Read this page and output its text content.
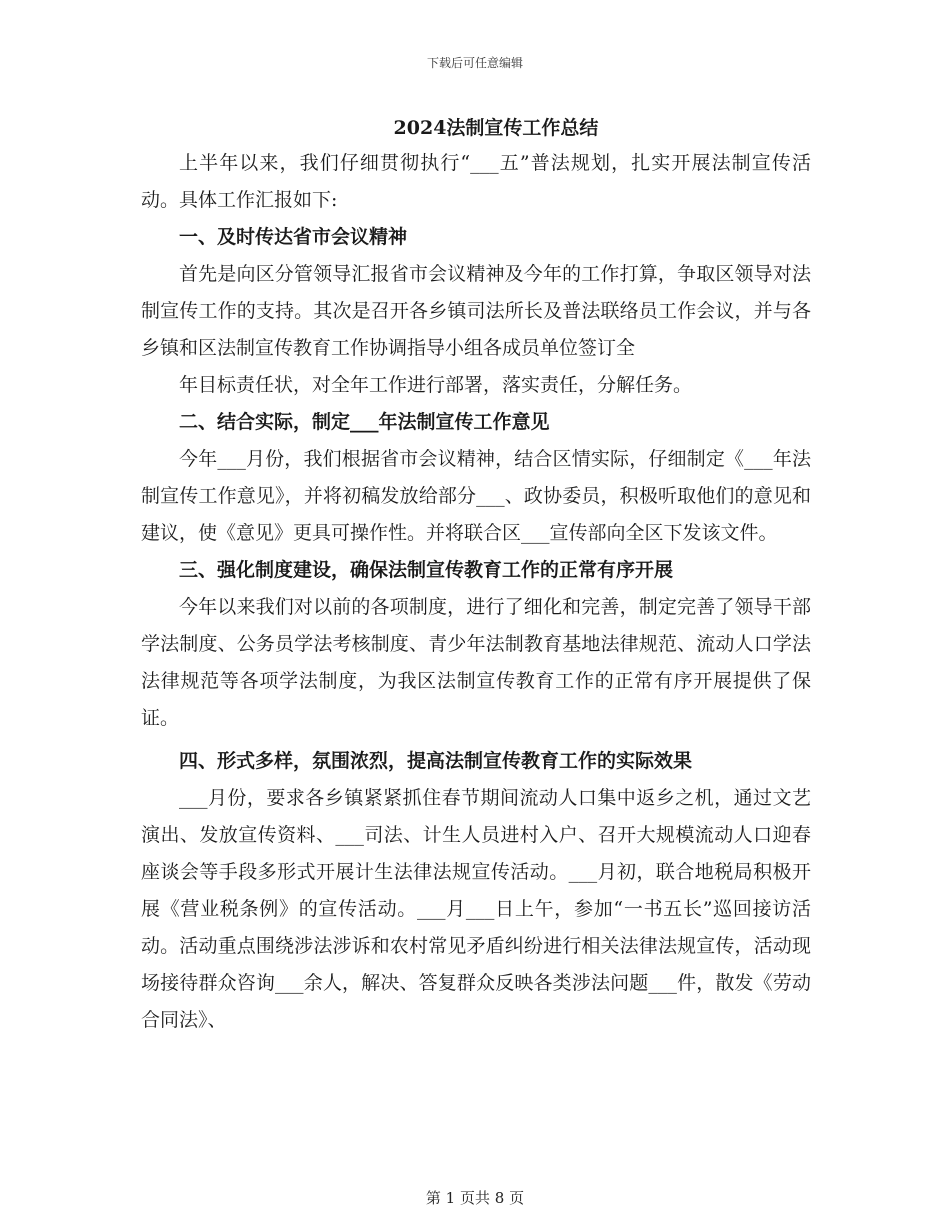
下载后可任意编辑
2024法制宣传工作总结

上半年以来，我们仔细贯彻执行“___五”普法规划，扎实开展法制宣传活动。具体工作汇报如下:

一、及时传达省市会议精神

首先是向区分管领导汇报省市会议精神及今年的工作打算，争取区领导对法制宣传工作的支持。其次是召开各乡镇司法所长及普法联络员工作会议，并与各乡镇和区法制宣传教育工作协调指导小组各成员单位签订全

年目标责任状，对全年工作进行部署，落实责任，分解任务。

二、结合实际，制定___年法制宣传工作意见

今年___月份，我们根据省市会议精神，结合区情实际，仔细制定《___年法制宣传工作意见》，并将初稿发放给部分___、政协委员，积极听取他们的意见和建议，使《意见》更具可操作性。并将联合区___宣传部向全区下发该文件。

三、强化制度建设，确保法制宣传教育工作的正常有序开展

今年以来我们对以前的各项制度，进行了细化和完善，制定完善了领导干部学法制度、公务员学法考核制度、青少年法制教育基地法律规范、流动人口学法法律规范等各项学法制度，为我区法制宣传教育工作的正常有序开展提供了保证。

四、形式多样，氛围浓烈，提高法制宣传教育工作的实际效果

___月份，要求各乡镇紧紧抓住春节期间流动人口集中返乡之机，通过文艺演出、发放宣传资料、___司法、计生人员进村入户、召开大规模流动人口迎春座谈会等手段多形式开展计生法律法规宣传活动。___月初，联合地税局积极开展《营业税条例》的宣传活动。___月___日上午，参加“一书五长”巡回接访活动。活动重点围绕涉法涉诉和农村常见矛盾纠纷进行相关法律法规宣传，活动现场接待群众咨询___余人，解决、答复群众反映各类涉法问题___件，散发《劳动合同法》、

第 1 页共 8 页
